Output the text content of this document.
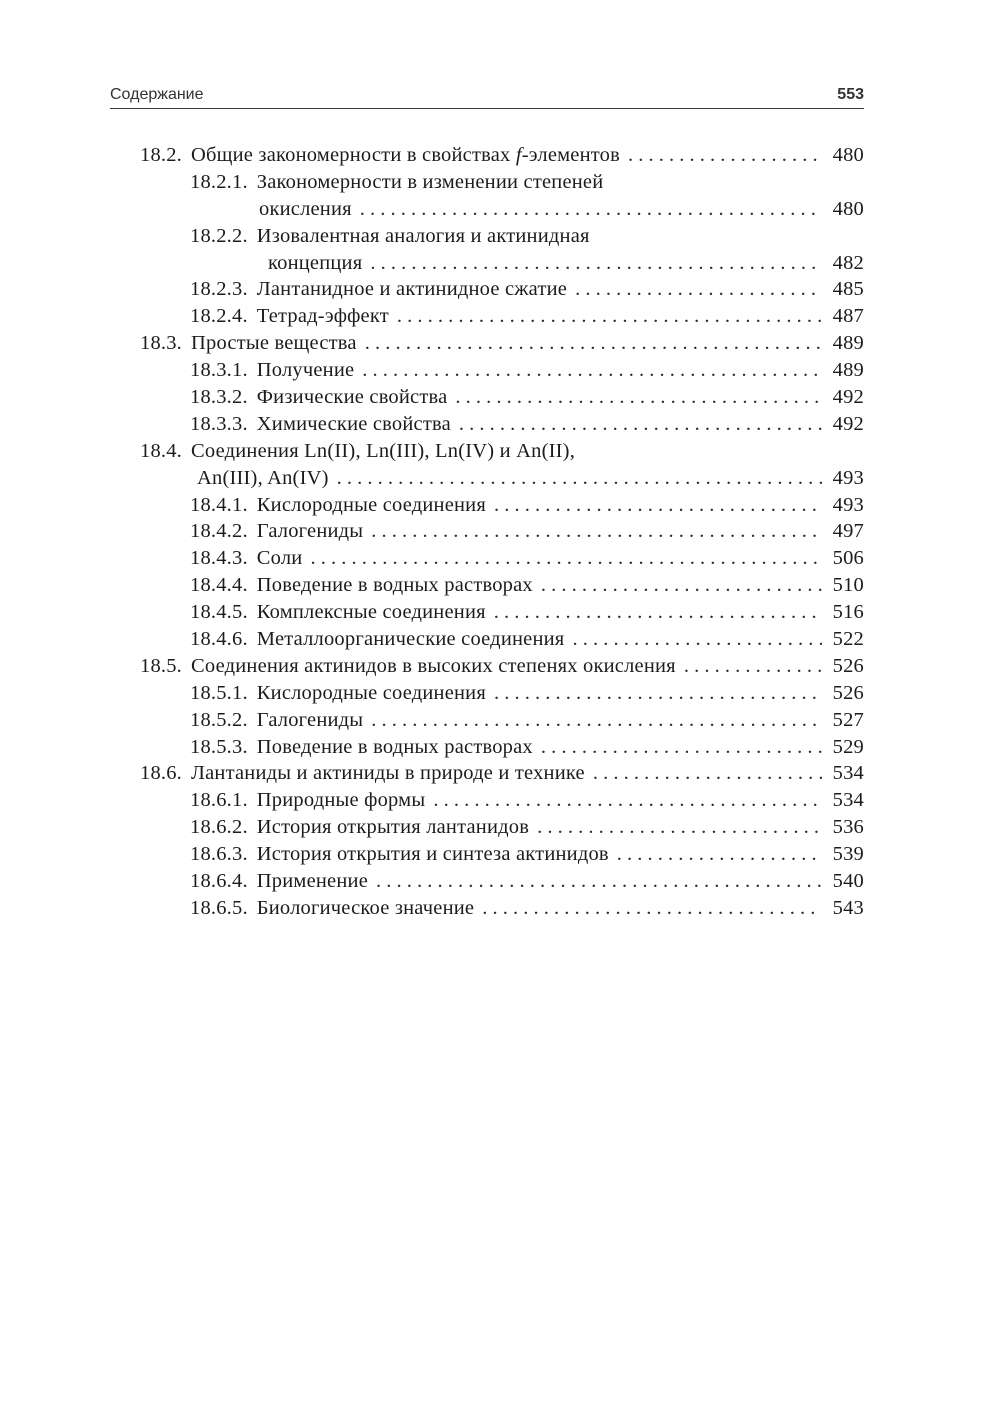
Содержание	553
18.2. Общие закономерности в свойствах f-элементов . . .	480
18.2.1. Закономерности в изменении степеней
окисления . . .	480
18.2.2. Изовалентная аналогия и актинидная
концепция . . .	482
18.2.3. Лантанидное и актинидное сжатие . . .	485
18.2.4. Тетрад-эффект . . .	487
18.3. Простые вещества . . .	489
18.3.1. Получение . . .	489
18.3.2. Физические свойства . . .	492
18.3.3. Химические свойства . . .	492
18.4. Соединения Ln(II), Ln(III), Ln(IV) и An(II),
An(III), An(IV) . . .	493
18.4.1. Кислородные соединения . . .	493
18.4.2. Галогениды . . .	497
18.4.3. Соли . . .	506
18.4.4. Поведение в водных растворах . . .	510
18.4.5. Комплексные соединения . . .	516
18.4.6. Металлоорганические соединения . . .	522
18.5. Соединения актинидов в высоких степенях окисления . . .	526
18.5.1. Кислородные соединения . . .	526
18.5.2. Галогениды . . .	527
18.5.3. Поведение в водных растворах . . .	529
18.6. Лантаниды и актиниды в природе и технике . . .	534
18.6.1. Природные формы . . .	534
18.6.2. История открытия лантанидов . . .	536
18.6.3. История открытия и синтеза актинидов . . .	539
18.6.4. Применение . . .	540
18.6.5. Биологическое значение . . .	543
